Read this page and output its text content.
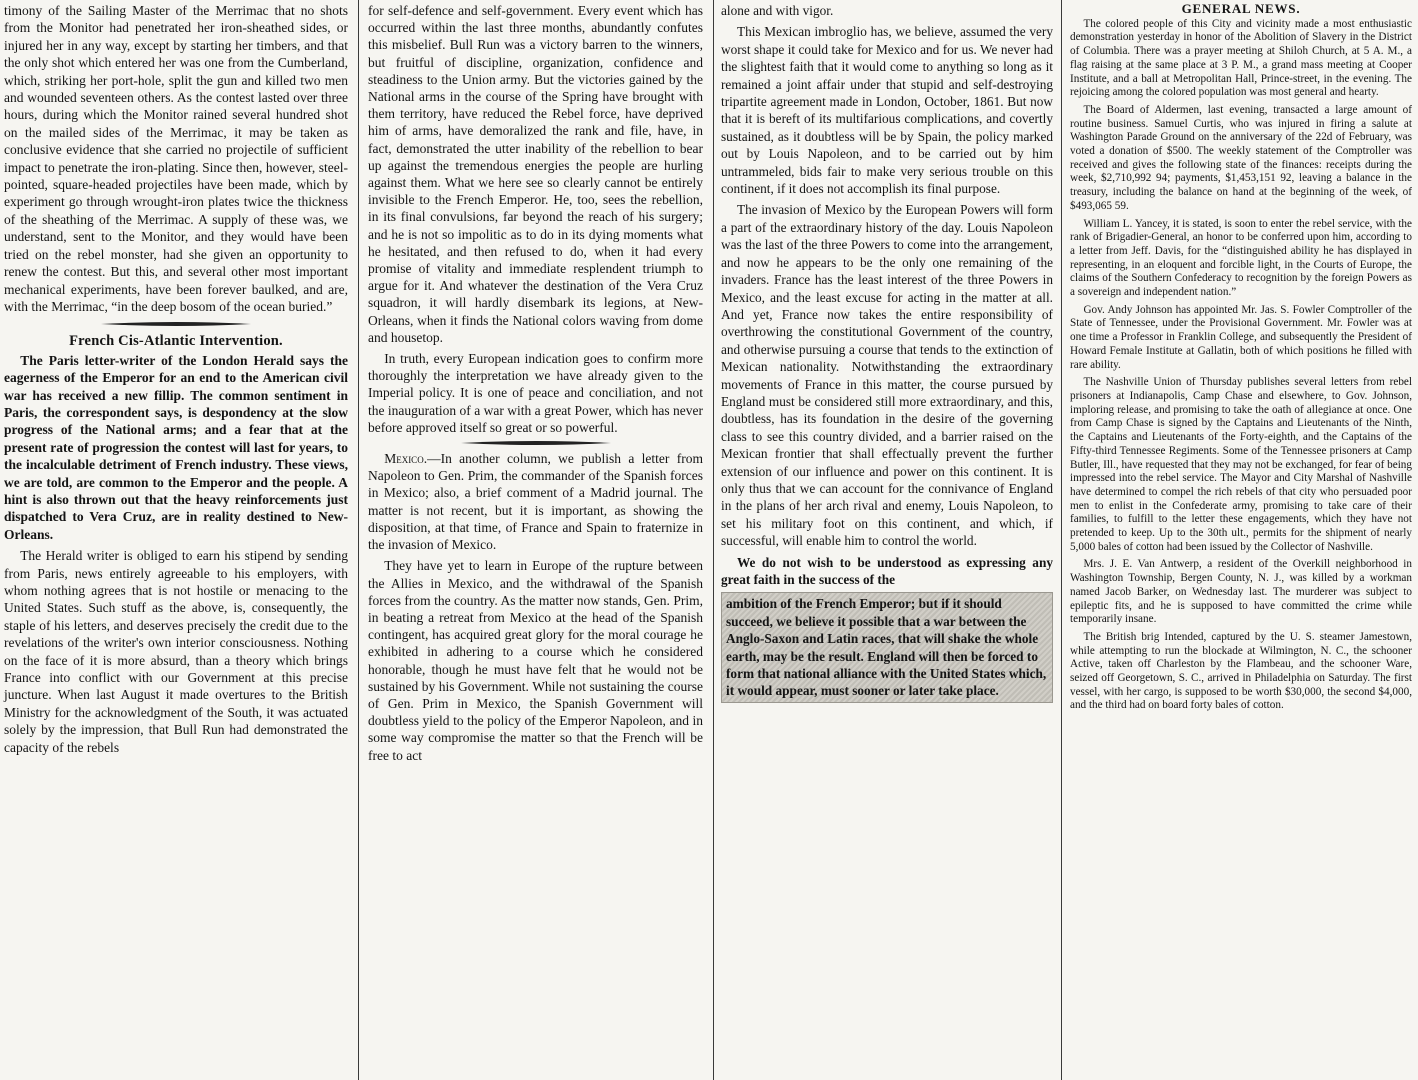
timony of the Sailing Master of the Merrimac that no shots from the Monitor had penetrated her iron-sheathed sides, or injured her in any way, except by starting her timbers, and that the only shot which entered her was one from the Cumberland, which, striking her port-hole, split the gun and killed two men and wounded seventeen others. As the contest lasted over three hours, during which the Monitor rained several hundred shot on the mailed sides of the Merrimac, it may be taken as conclusive evidence that she carried no projectile of sufficient impact to penetrate the iron-plating. Since then, however, steel-pointed, square-headed projectiles have been made, which by experiment go through wrought-iron plates twice the thickness of the sheathing of the Merrimac. A supply of these was, we understand, sent to the Monitor, and they would have been tried on the rebel monster, had she given an opportunity to renew the contest. But this, and several other most important mechanical experiments, have been forever baulked, and are, with the Merrimac, “in the deep bosom of the ocean buried.”

French Cis-Atlantic Intervention.

The Paris letter-writer of the London Herald says the eagerness of the Emperor for an end to the American civil war has received a new fillip. The common sentiment in Paris, the correspondent says, is despondency at the slow progress of the National arms; and a fear that at the present rate of progression the contest will last for years, to the incalculable detriment of French industry. These views, we are told, are common to the Emperor and the people. A hint is also thrown out that the heavy reinforcements just dispatched to Vera Cruz, are in reality destined to New-Orleans.

The Herald writer is obliged to earn his stipend by sending from Paris, news entirely agreeable to his employers, with whom nothing agrees that is not hostile or menacing to the United States. Such stuff as the above, is, consequently, the staple of his letters, and deserves precisely the credit due to the revelations of the writer's own interior consciousness. Nothing on the face of it is more absurd, than a theory which brings France into conflict with our Government at this precise juncture. When last August it made overtures to the British Ministry for the acknowledgment of the South, it was actuated solely by the impression, that Bull Run had demonstrated the capacity of the rebels

for self-defence and self-government. Every event which has occurred within the last three months, abundantly confutes this misbelief. Bull Run was a victory barren to the winners, but fruitful of discipline, organization, confidence and steadiness to the Union army. But the victories gained by the National arms in the course of the Spring have brought with them territory, have reduced the Rebel force, have deprived him of arms, have demoralized the rank and file, have, in fact, demonstrated the utter inability of the rebellion to bear up against the tremendous energies the people are hurling against them. What we here see so clearly cannot be entirely invisible to the French Emperor. He, too, sees the rebellion, in its final convulsions, far beyond the reach of his surgery; and he is not so impolitic as to do in its dying moments what he hesitated, and then refused to do, when it had every promise of vitality and immediate resplendent triumph to argue for it. And whatever the destination of the Vera Cruz squadron, it will hardly disembark its legions, at New-Orleans, when it finds the National colors waving from dome and housetop.

In truth, every European indication goes to confirm more thoroughly the interpretation we have already given to the Imperial policy. It is one of peace and conciliation, and not the inauguration of a war with a great Power, which has never before approved itself so great or so powerful.

Mexico.—In another column, we publish a letter from Napoleon to Gen. Prim, the commander of the Spanish forces in Mexico; also, a brief comment of a Madrid journal. The matter is not recent, but it is important, as showing the disposition, at that time, of France and Spain to fraternize in the invasion of Mexico.

They have yet to learn in Europe of the rupture between the Allies in Mexico, and the withdrawal of the Spanish forces from the country. As the matter now stands, Gen. Prim, in beating a retreat from Mexico at the head of the Spanish contingent, has acquired great glory for the moral courage he exhibited in adhering to a course which he considered honorable, though he must have felt that he would not be sustained by his Government. While not sustaining the course of Gen. Prim in Mexico, the Spanish Government will doubtless yield to the policy of the Emperor Napoleon, and in some way compromise the matter so that the French will be free to act

alone and with vigor.

This Mexican imbroglio has, we believe, assumed the very worst shape it could take for Mexico and for us. We never had the slightest faith that it would come to anything so long as it remained a joint affair under that stupid and self-destroying tripartite agreement made in London, October, 1861. But now that it is bereft of its multifarious complications, and covertly sustained, as it doubtless will be by Spain, the policy marked out by Louis Napoleon, and to be carried out by him untrammeled, bids fair to make very serious trouble on this continent, if it does not accomplish its final purpose.

The invasion of Mexico by the European Powers will form a part of the extraordinary history of the day. Louis Napoleon was the last of the three Powers to come into the arrangement, and now he appears to be the only one remaining of the invaders. France has the least interest of the three Powers in Mexico, and the least excuse for acting in the matter at all. And yet, France now takes the entire responsibility of overthrowing the constitutional Government of the country, and otherwise pursuing a course that tends to the extinction of Mexican nationality. Notwithstanding the extraordinary movements of France in this matter, the course pursued by England must be considered still more extraordinary, and this, doubtless, has its foundation in the desire of the governing class to see this country divided, and a barrier raised on the Mexican frontier that shall effectually prevent the further extension of our influence and power on this continent. It is only thus that we can account for the connivance of England in the plans of her arch rival and enemy, Louis Napoleon, to set his military foot on this continent, and which, if successful, will enable him to control the world.

We do not wish to be understood as expressing any great faith in the success of the

ambition of the French Emperor; but if it should succeed, we believe it possible that a war between the Anglo-Saxon and Latin races, that will shake the whole earth, may be the result. England will then be forced to form that national alliance with the United States which, it would appear, must sooner or later take place.
GENERAL NEWS.

The colored people of this City and vicinity made a most enthusiastic demonstration yesterday in honor of the Abolition of Slavery in the District of Columbia. There was a prayer meeting at Shiloh Church, at 5 A. M., a flag raising at the same place at 3 P. M., a grand mass meeting at Cooper Institute, and a ball at Metropolitan Hall, Prince-street, in the evening. The rejoicing among the colored population was most general and hearty.

The Board of Aldermen, last evening, transacted a large amount of routine business. Samuel Curtis, who was injured in firing a salute at Washington Parade Ground on the anniversary of the 22d of February, was voted a donation of $500. The weekly statement of the Comptroller was received and gives the following state of the finances: receipts during the week, $2,710,992 94; payments, $1,453,151 92, leaving a balance in the treasury, including the balance on hand at the beginning of the week, of $493,065 59.

William L. Yancey, it is stated, is soon to enter the rebel service, with the rank of Brigadier-General, an honor to be conferred upon him, according to a letter from Jeff. Davis, for the “distinguished ability he has displayed in representing, in an eloquent and forcible light, in the Courts of Europe, the claims of the Southern Confederacy to recognition by the foreign Powers as a sovereign and independent nation.”

Gov. Andy Johnson has appointed Mr. Jas. S. Fowler Comptroller of the State of Tennessee, under the Provisional Government. Mr. Fowler was at one time a Professor in Franklin College, and subsequently the President of Howard Female Institute at Gallatin, both of which positions he filled with rare ability.

The Nashville Union of Thursday publishes several letters from rebel prisoners at Indianapolis, Camp Chase and elsewhere, to Gov. Johnson, imploring release, and promising to take the oath of allegiance at once. One from Camp Chase is signed by the Captains and Lieutenants of the Ninth, the Captains and Lieutenants of the Forty-eighth, and the Captains of the Fifty-third Tennessee Regiments. Some of the Tennessee prisoners at Camp Butler, Ill., have requested that they may not be exchanged, for fear of being impressed into the rebel service. The Mayor and City Marshal of Nashville have determined to compel the rich rebels of that city who persuaded poor men to enlist in the Confederate army, promising to take care of their families, to fulfill to the letter these engagements, which they have not pretended to keep. Up to the 30th ult., permits for the shipment of nearly 5,000 bales of cotton had been issued by the Collector of Nashville.

Mrs. J. E. Van Antwerp, a resident of the Overkill neighborhood in Washington Township, Bergen County, N. J., was killed by a workman named Jacob Barker, on Wednesday last. The murderer was subject to epileptic fits, and he is supposed to have committed the crime while temporarily insane.

The British brig Intended, captured by the U. S. steamer Jamestown, while attempting to run the blockade at Wilmington, N. C., the schooner Active, taken off Charleston by the Flambeau, and the schooner Ware, seized off Georgetown, S. C., arrived in Philadelphia on Saturday. The first vessel, with her cargo, is supposed to be worth $30,000, the second $4,000, and the third had on board forty bales of cotton.
